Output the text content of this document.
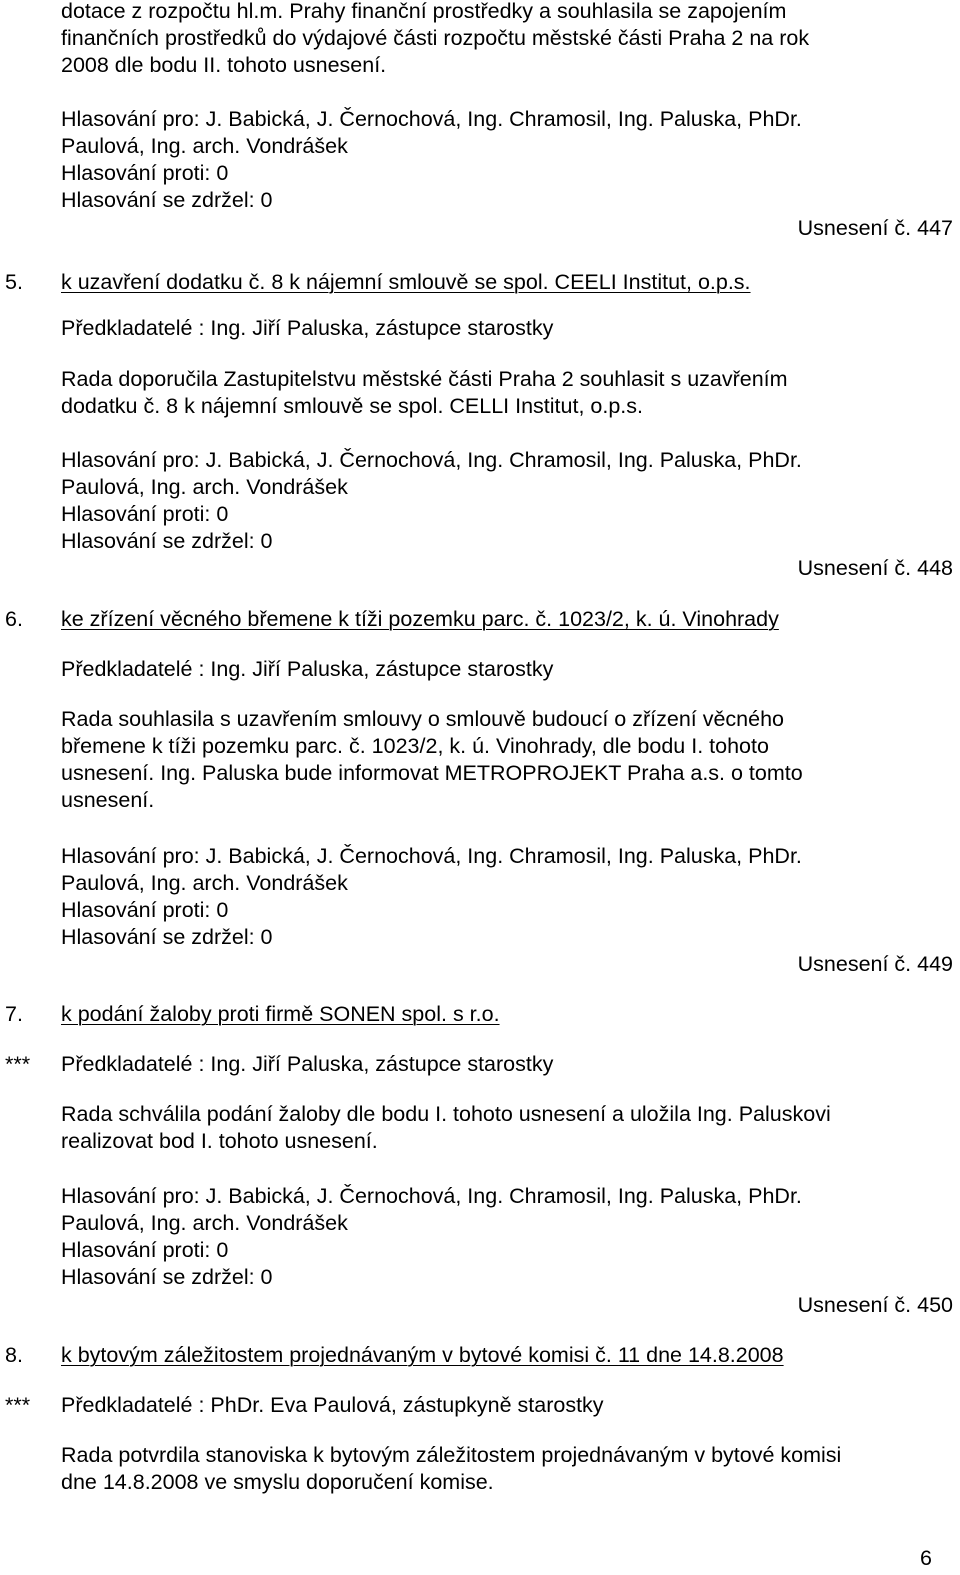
dotace z rozpočtu hl.m. Prahy finanční prostředky a souhlasila se zapojením
finančních prostředků do výdajové části rozpočtu městské části Praha 2 na rok
2008 dle bodu II. tohoto usnesení.
Hlasování pro: J. Babická, J. Černochová, Ing. Chramosil, Ing. Paluska, PhDr.
Paulová, Ing. arch. Vondrášek
Hlasování proti: 0
Hlasování se zdržel: 0
Usnesení č. 447
5. k uzavření dodatku č. 8 k nájemní smlouvě se spol. CEELI Institut, o.p.s.
Předkladatelé : Ing. Jiří Paluska, zástupce starostky
Rada doporučila Zastupitelstvu městské části Praha 2 souhlasit s uzavřením
dodatku č. 8 k nájemní smlouvě se spol. CELLI Institut, o.p.s.
Hlasování pro: J. Babická, J. Černochová, Ing. Chramosil, Ing. Paluska, PhDr.
Paulová, Ing. arch. Vondrášek
Hlasování proti: 0
Hlasování se zdržel: 0
Usnesení č. 448
6. ke zřízení věcného břemene k tíži pozemku parc. č. 1023/2, k. ú. Vinohrady
Předkladatelé : Ing. Jiří Paluska, zástupce starostky
Rada souhlasila s uzavřením smlouvy o smlouvě budoucí o zřízení věcného
břemene k tíži pozemku parc. č. 1023/2, k. ú. Vinohrady, dle bodu I. tohoto
usnesení. Ing. Paluska bude informovat METROPROJEKT Praha a.s. o tomto
usnesení.
Hlasování pro: J. Babická, J. Černochová, Ing. Chramosil, Ing. Paluska, PhDr.
Paulová, Ing. arch. Vondrášek
Hlasování proti: 0
Hlasování se zdržel: 0
Usnesení č. 449
7. k podání žaloby proti firmě SONEN spol. s r.o.
*** Předkladatelé : Ing. Jiří Paluska, zástupce starostky
Rada schválila podání žaloby dle bodu I. tohoto usnesení a uložila Ing. Paluskovi
realizovat bod I. tohoto usnesení.
Hlasování pro: J. Babická, J. Černochová, Ing. Chramosil, Ing. Paluska, PhDr.
Paulová, Ing. arch. Vondrášek
Hlasování proti: 0
Hlasování se zdržel: 0
Usnesení č. 450
8. k bytovým záležitostem projednávaným v bytové komisi č. 11 dne 14.8.2008
*** Předkladatelé : PhDr. Eva Paulová, zástupkyně starostky
Rada potvrdila stanoviska k bytovým záležitostem projednávaným v bytové komisi
dne 14.8.2008 ve smyslu doporučení komise.
6
